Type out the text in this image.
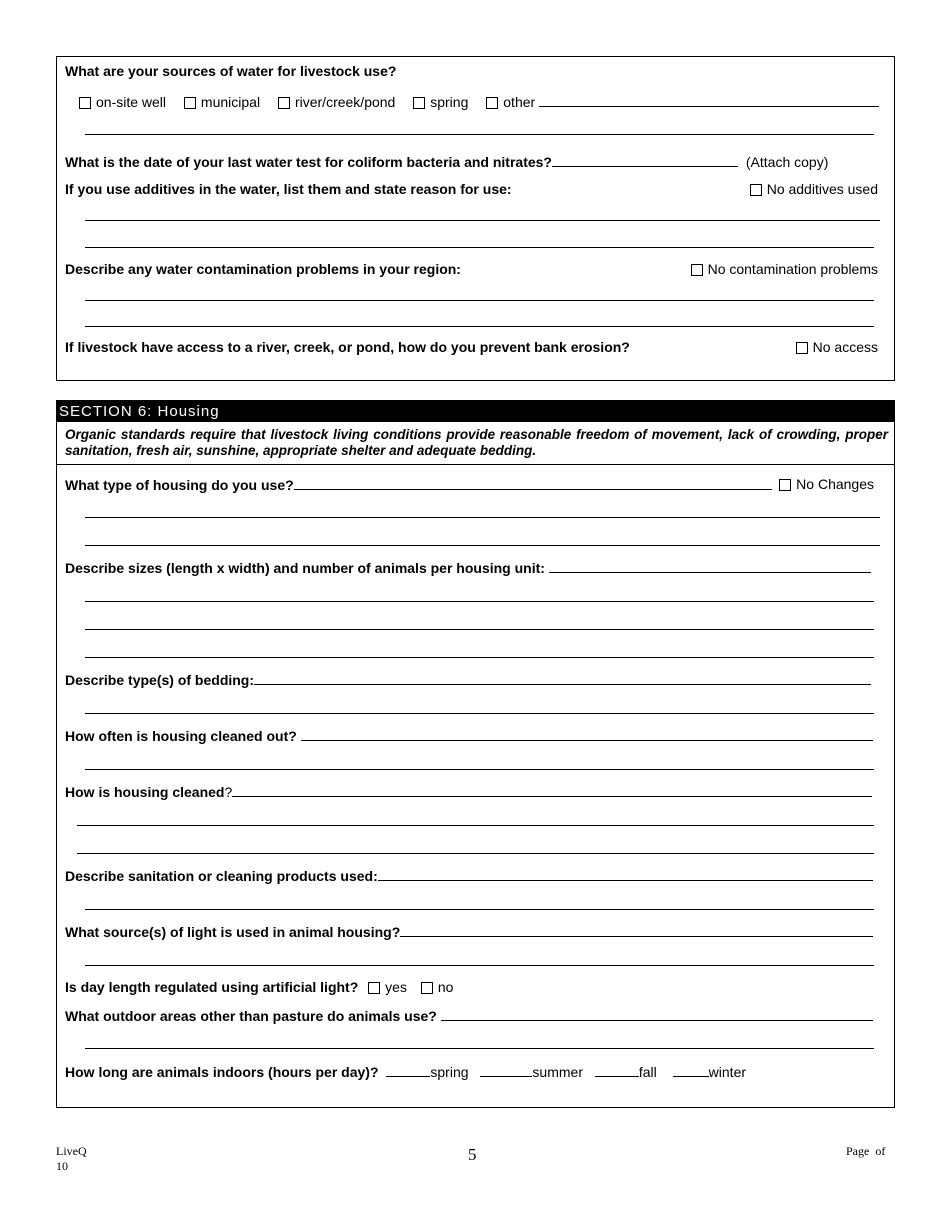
What are your sources of water for livestock use?
on-site well municipal river/creek/pond spring other
What is the date of your last water test for coliform bacteria and nitrates?	(Attach copy)
If you use additives in the water, list them and state reason for use:	No additives used
Describe any water contamination problems in your region:	No contamination problems
If livestock have access to a river, creek, or pond, how do you prevent bank erosion?	No access
SECTION 6: Housing
Organic standards require that livestock living conditions provide reasonable freedom of movement, lack of crowding, proper sanitation, fresh air, sunshine, appropriate shelter and adequate bedding.
What type of housing do you use?	No Changes
Describe sizes (length x width) and number of animals per housing unit:
Describe type(s) of bedding:
How often is housing cleaned out?
How is housing cleaned?
Describe sanitation or cleaning products used:
What source(s) of light is used in animal housing?
Is day length regulated using artificial light? yes no
What outdoor areas other than pasture do animals use?
How long are animals indoors (hours per day)?	spring	summer	fall	winter
LiveQ
10
5	Page  of
